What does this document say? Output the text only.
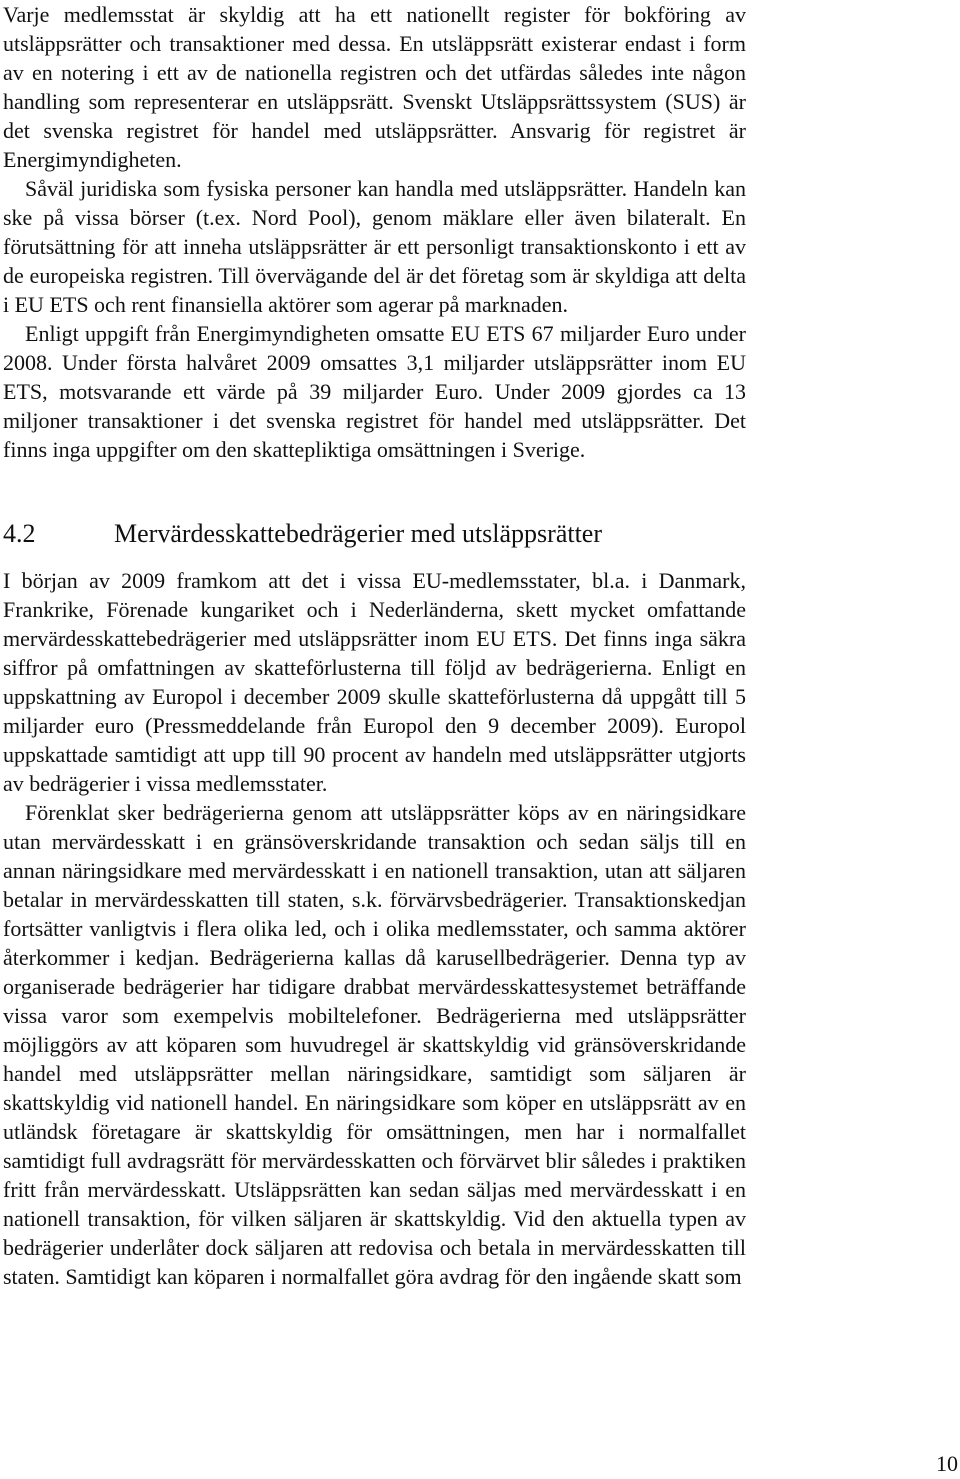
Varje medlemsstat är skyldig att ha ett nationellt register för bokföring av utsläppsrätter och transaktioner med dessa. En utsläppsrätt existerar endast i form av en notering i ett av de nationella registren och det utfärdas således inte någon handling som representerar en utsläppsrätt. Svenskt Utsläppsrättssystem (SUS) är det svenska registret för handel med utsläppsrätter. Ansvarig för registret är Energimyndigheten.

Såväl juridiska som fysiska personer kan handla med utsläppsrätter. Handeln kan ske på vissa börser (t.ex. Nord Pool), genom mäklare eller även bilateralt. En förutsättning för att inneha utsläppsrätter är ett personligt transaktionskonto i ett av de europeiska registren. Till övervägande del är det företag som är skyldiga att delta i EU ETS och rent finansiella aktörer som agerar på marknaden.

Enligt uppgift från Energimyndigheten omsatte EU ETS 67 miljarder Euro under 2008. Under första halvåret 2009 omsattes 3,1 miljarder utsläppsrätter inom EU ETS, motsvarande ett värde på 39 miljarder Euro. Under 2009 gjordes ca 13 miljoner transaktioner i det svenska registret för handel med utsläppsrätter. Det finns inga uppgifter om den skattepliktiga omsättningen i Sverige.

4.2	Mervärdesskattebedrägerier med utsläppsrätter

I början av 2009 framkom att det i vissa EU-medlemsstater, bl.a. i Danmark, Frankrike, Förenade kungariket och i Nederländerna, skett mycket omfattande mervärdesskattebedrägerier med utsläppsrätter inom EU ETS. Det finns inga säkra siffror på omfattningen av skatteförlusterna till följd av bedrägerierna. Enligt en uppskattning av Europol i december 2009 skulle skatteförlusterna då uppgått till 5 miljarder euro (Pressmeddelande från Europol den 9 december 2009). Europol uppskattade samtidigt att upp till 90 procent av handeln med utsläppsrätter utgjorts av bedrägerier i vissa medlemsstater.

Förenklat sker bedrägerierna genom att utsläppsrätter köps av en näringsidkare utan mervärdesskatt i en gränsöverskridande transaktion och sedan säljs till en annan näringsidkare med mervärdesskatt i en nationell transaktion, utan att säljaren betalar in mervärdesskatten till staten, s.k. förvärvsbedrägerier. Transaktionskedjan fortsätter vanligtvis i flera olika led, och i olika medlemsstater, och samma aktörer återkommer i kedjan. Bedrägerierna kallas då karusellbedrägerier. Denna typ av organiserade bedrägerier har tidigare drabbat mervärdesskattesystemet beträffande vissa varor som exempelvis mobiltelefoner. Bedrägerierna med utsläppsrätter möjliggörs av att köparen som huvudregel är skattskyldig vid gränsöverskridande handel med utsläppsrätter mellan näringsidkare, samtidigt som säljaren är skattskyldig vid nationell handel. En näringsidkare som köper en utsläppsrätt av en utländsk företagare är skattskyldig för omsättningen, men har i normalfallet samtidigt full avdragsrätt för mervärdesskatten och förvärvet blir således i praktiken fritt från mervärdesskatt. Utsläppsrätten kan sedan säljas med mervärdesskatt i en nationell transaktion, för vilken säljaren är skattskyldig. Vid den aktuella typen av bedrägerier underlåter dock säljaren att redovisa och betala in mervärdesskatten till staten. Samtidigt kan köparen i normalfallet göra avdrag för den ingående skatt som

10
